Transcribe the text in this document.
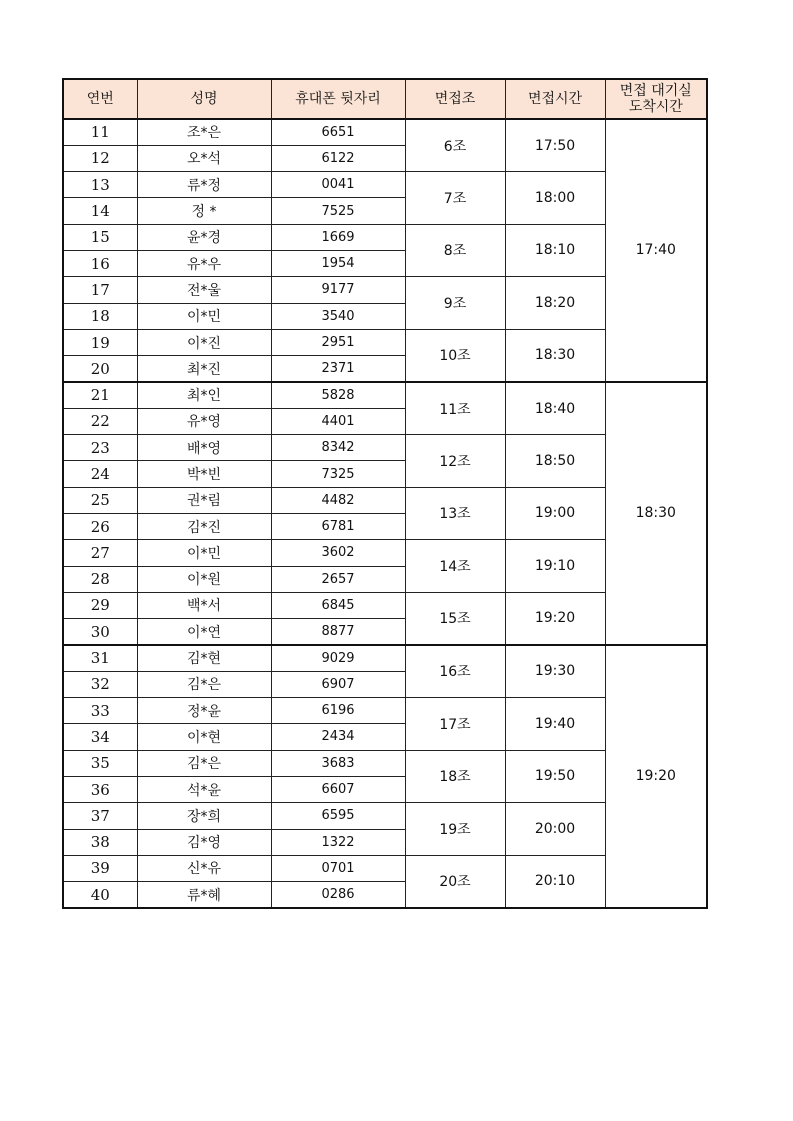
연번	성명	휴대폰 뒷자리	면접조	면접시간	면접 대기실
도착시간

11	조*은	6651	6조	17:50	17:40
12	오*석	6122			
13	류*정	0041	7조	18:00	
14	정 *	7525			
15	윤*경	1669	8조	18:10	
16	유*우	1954			
17	전*울	9177	9조	18:20	
18	이*민	3540			
19	이*진	2951	10조	18:30	
20	최*진	2371			
21	최*인	5828	11조	18:40	18:30
22	유*영	4401			
23	배*영	8342	12조	18:50	
24	박*빈	7325			
25	권*림	4482	13조	19:00	
26	김*진	6781			
27	이*민	3602	14조	19:10	
28	이*원	2657			
29	백*서	6845	15조	19:20	
30	이*연	8877			
31	김*현	9029	16조	19:30	19:20
32	김*은	6907			
33	정*윤	6196	17조	19:40	
34	이*현	2434			
35	김*은	3683	18조	19:50	
36	석*윤	6607			
37	장*희	6595	19조	20:00	
38	김*영	1322			
39	신*유	0701	20조	20:10	
40	류*혜	0286			
